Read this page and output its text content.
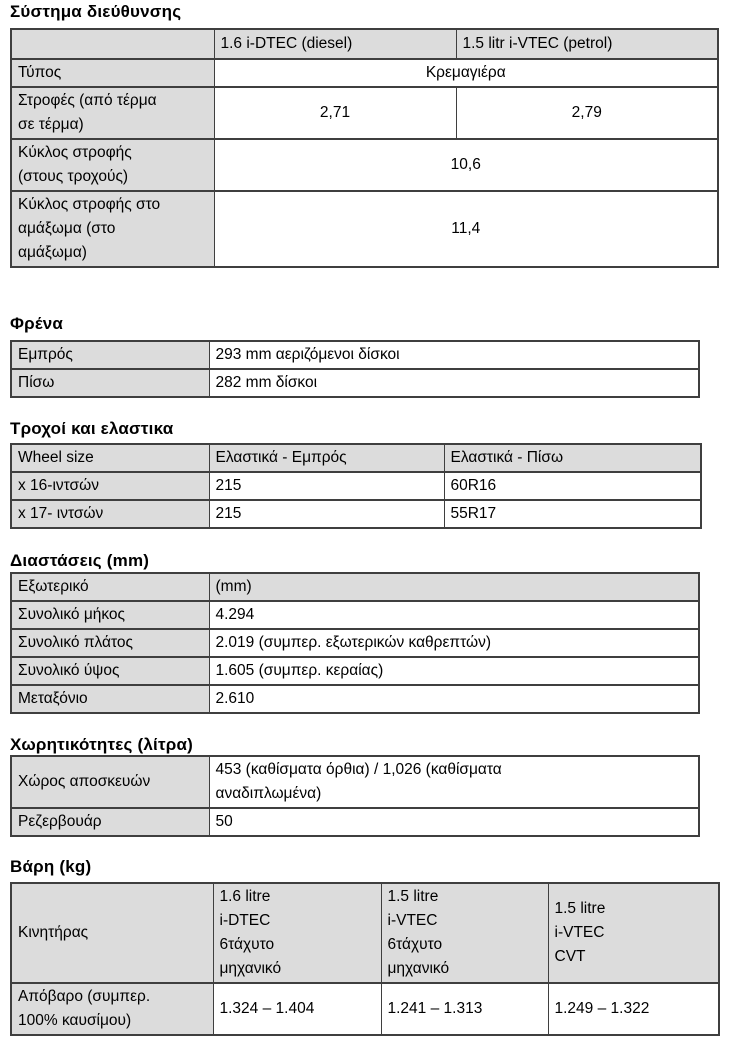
Σύστημα διεύθυνσης
	1.6 i-DTEC (diesel)	1.5 litr i-VTEC (petrol)
Τύπος	Κρεμαγιέρα	
Στροφές (από τέρμα
σε τέρμα)	2,71	2,79
Κύκλος στροφής
(στους τροχούς)	10,6	
Κύκλος στροφής στο
αμάξωμα (στο
αμάξωμα)	11,4	
Φρένα
Εμπρός	293 mm αεριζόμενοι δίσκοι
Πίσω	282 mm δίσκοι
Τροχοί και ελαστικα
Wheel size	Ελαστικά - Εμπρός	Ελαστικά - Πίσω
x 16-ιντσών	215	60R16
x 17- ιντσών	215	55R17
Διαστάσεις (mm)
Εξωτερικό	(mm)
Συνολικό μήκος	4.294
Συνολικό πλάτος	2.019 (συμπερ. εξωτερικών καθρεπτών)
Συνολικό ύψος	1.605 (συμπερ. κεραίας)
Μεταξόνιο	2.610
Χωρητικότητες (λίτρα)
Χώρος αποσκευών	453 (καθίσματα όρθια) / 1,026 (καθίσματα
αναδιπλωμένα)
Ρεζερβουάρ	50
Βάρη (kg)
Κινητήρας	1.6 litre
i-DTEC
6τάχυτο
μηχανικό	1.5 litre
i-VTEC
6τάχυτο
μηχανικό	1.5 litre
i-VTEC
CVT
Απόβαρο (συμπερ.
100% καυσίμου)	1.324 – 1.404	1.241 – 1.313	1.249 – 1.322
